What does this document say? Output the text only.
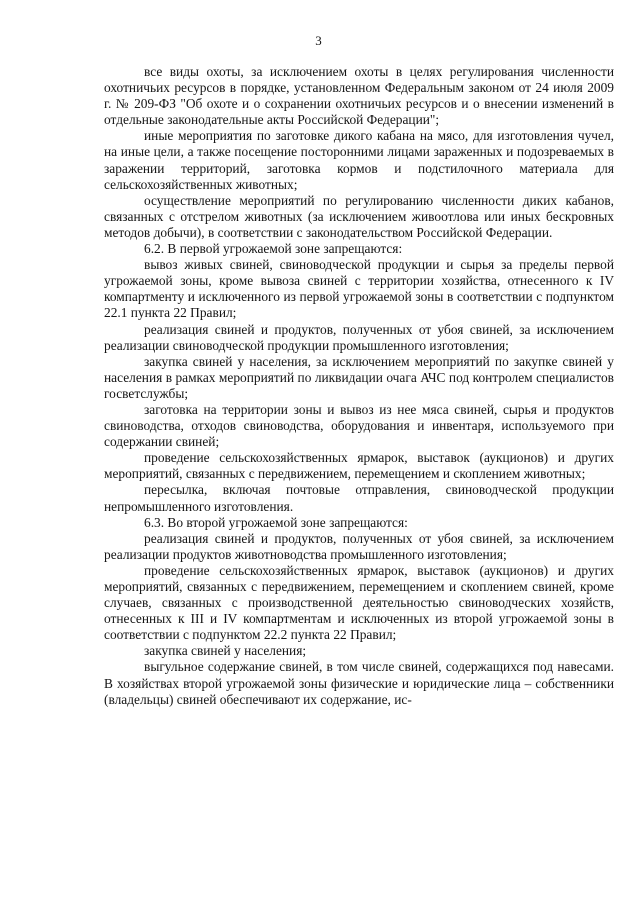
3

все виды охоты, за исключением охоты в целях регулирования численности охотничьих ресурсов в порядке, установленном Федеральным законом от 24 июля 2009 г. № 209-ФЗ "Об охоте и о сохранении охотничьих ресурсов и о внесении изменений в отдельные законодательные акты Российской Федерации";

иные мероприятия по заготовке дикого кабана на мясо, для изготовления чучел, на иные цели, а также посещение посторонними лицами зараженных и подозреваемых в заражении территорий, заготовка кормов и подстилочного материала для сельскохозяйственных животных;

осуществление мероприятий по регулированию численности диких кабанов, связанных с отстрелом животных (за исключением живоотлова или иных бескровных методов добычи), в соответствии с законодательством Российской Федерации.

6.2. В первой угрожаемой зоне запрещаются:

вывоз живых свиней, свиноводческой продукции и сырья за пределы первой угрожаемой зоны, кроме вывоза свиней с территории хозяйства, отнесенного к IV компартменту и исключенного из первой угрожаемой зоны в соответствии с подпунктом 22.1 пункта 22 Правил;

реализация свиней и продуктов, полученных от убоя свиней, за исключением реализации свиноводческой продукции промышленного изготовления;

закупка свиней у населения, за исключением мероприятий по закупке свиней у населения в рамках мероприятий по ликвидации очага АЧС под контролем специалистов госветслужбы;

заготовка на территории зоны и вывоз из нее мяса свиней, сырья и продуктов свиноводства, отходов свиноводства, оборудования и инвентаря, используемого при содержании свиней;

проведение сельскохозяйственных ярмарок, выставок (аукционов) и других мероприятий, связанных с передвижением, перемещением и скоплением животных;

пересылка, включая почтовые отправления, свиноводческой продукции непромышленного изготовления.

6.3. Во второй угрожаемой зоне запрещаются:

реализация свиней и продуктов, полученных от убоя свиней, за исключением реализации продуктов животноводства промышленного изготовления;

проведение сельскохозяйственных ярмарок, выставок (аукционов) и других мероприятий, связанных с передвижением, перемещением и скоплением свиней, кроме случаев, связанных с производственной деятельностью свиноводческих хозяйств, отнесенных к III и IV компартментам и исключенных из второй угрожаемой зоны в соответствии с подпунктом 22.2 пункта 22 Правил;

закупка свиней у населения;

выгульное содержание свиней, в том числе свиней, содержащихся под навесами. В хозяйствах второй угрожаемой зоны физические и юридические лица – собственники (владельцы) свиней обеспечивают их содержание, ис-
